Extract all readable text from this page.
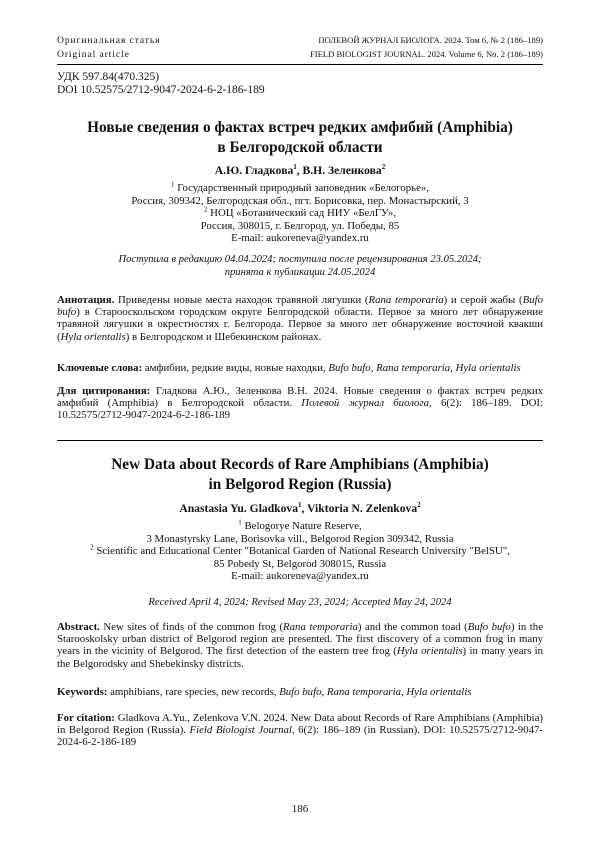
Оригинальная статья
Original article
ПОЛЕВОЙ ЖУРНАЛ БИОЛОГА. 2024. Том 6, № 2 (186–189)
FIELD BIOLOGIST JOURNAL. 2024. Volume 6, No. 2 (186–189)
УДК 597.84(470.325)
DOI 10.52575/2712-9047-2024-6-2-186-189
Новые сведения о фактах встреч редких амфибий (Amphibia)
в Белгородской области
А.Ю. Гладкова$^1$, В.Н. Зеленкова$^2$
$^1$ Государственный природный заповедник «Белогорье»,
Россия, 309342, Белгородская обл., пгт. Борисовка, пер. Монастырский, 3
$^2$ НОЦ «Ботанический сад НИУ «БелГУ»,
Россия, 308015, г. Белгород, ул. Победы, 85
E-mail: aukoreneva@yandex.ru
Поступила в редакцию 04.04.2024; поступила после рецензирования 23.05.2024;
принята к публикации 24.05.2024
Аннотация. Приведены новые места находок травяной лягушки (Rana temporaria) и серой жабы (Bufo bufo) в Старооскольском городском округе Белгородской области. Первое за много лет обнаружение травяной лягушки в окрестностях г. Белгорода. Первое за много лет обнаружение восточной квакши (Hyla orientalis) в Белгородском и Шебекинском районах.
Ключевые слова: амфибии, редкие виды, новые находки, Bufo bufo, Rana temporaria, Hyla orientalis
Для цитирования: Гладкова А.Ю., Зеленкова В.Н. 2024. Новые сведения о фактах встреч редких амфибий (Amphibia) в Белгородской области. Полевой журнал биолога, 6(2): 186–189. DOI: 10.52575/2712-9047-2024-6-2-186-189
New Data about Records of Rare Amphibians (Amphibia)
in Belgorod Region (Russia)
Anastasia Yu. Gladkova$^1$, Viktoria N. Zelenkova$^2$
$^1$ Belogorye Nature Reserve,
3 Monastyrsky Lane, Borisovka vill., Belgorod Region 309342, Russia
$^2$ Scientific and Educational Center "Botanical Garden of National Research University "BelSU",
85 Pobedy St, Belgorod 308015, Russia
E-mail: aukoreneva@yandex.ru
Received April 4, 2024; Revised May 23, 2024; Accepted May 24, 2024
Abstract. New sites of finds of the common frog (Rana temporaria) and the common toad (Bufo bufo) in the Starooskolsky urban district of Belgorod region are presented. The first discovery of a common frog in many years in the vicinity of Belgorod. The first detection of the eastern tree frog (Hyla orientalis) in many years in the Belgorodsky and Shebekinsky districts.
Keywords: amphibians, rare species, new records, Bufo bufo, Rana temporaria, Hyla orientalis
For citation: Gladkova A.Yu., Zelenkova V.N. 2024. New Data about Records of Rare Amphibians (Amphibia) in Belgorod Region (Russia). Field Biologist Journal, 6(2): 186–189 (in Russian). DOI: 10.52575/2712-9047-2024-6-2-186-189
186
